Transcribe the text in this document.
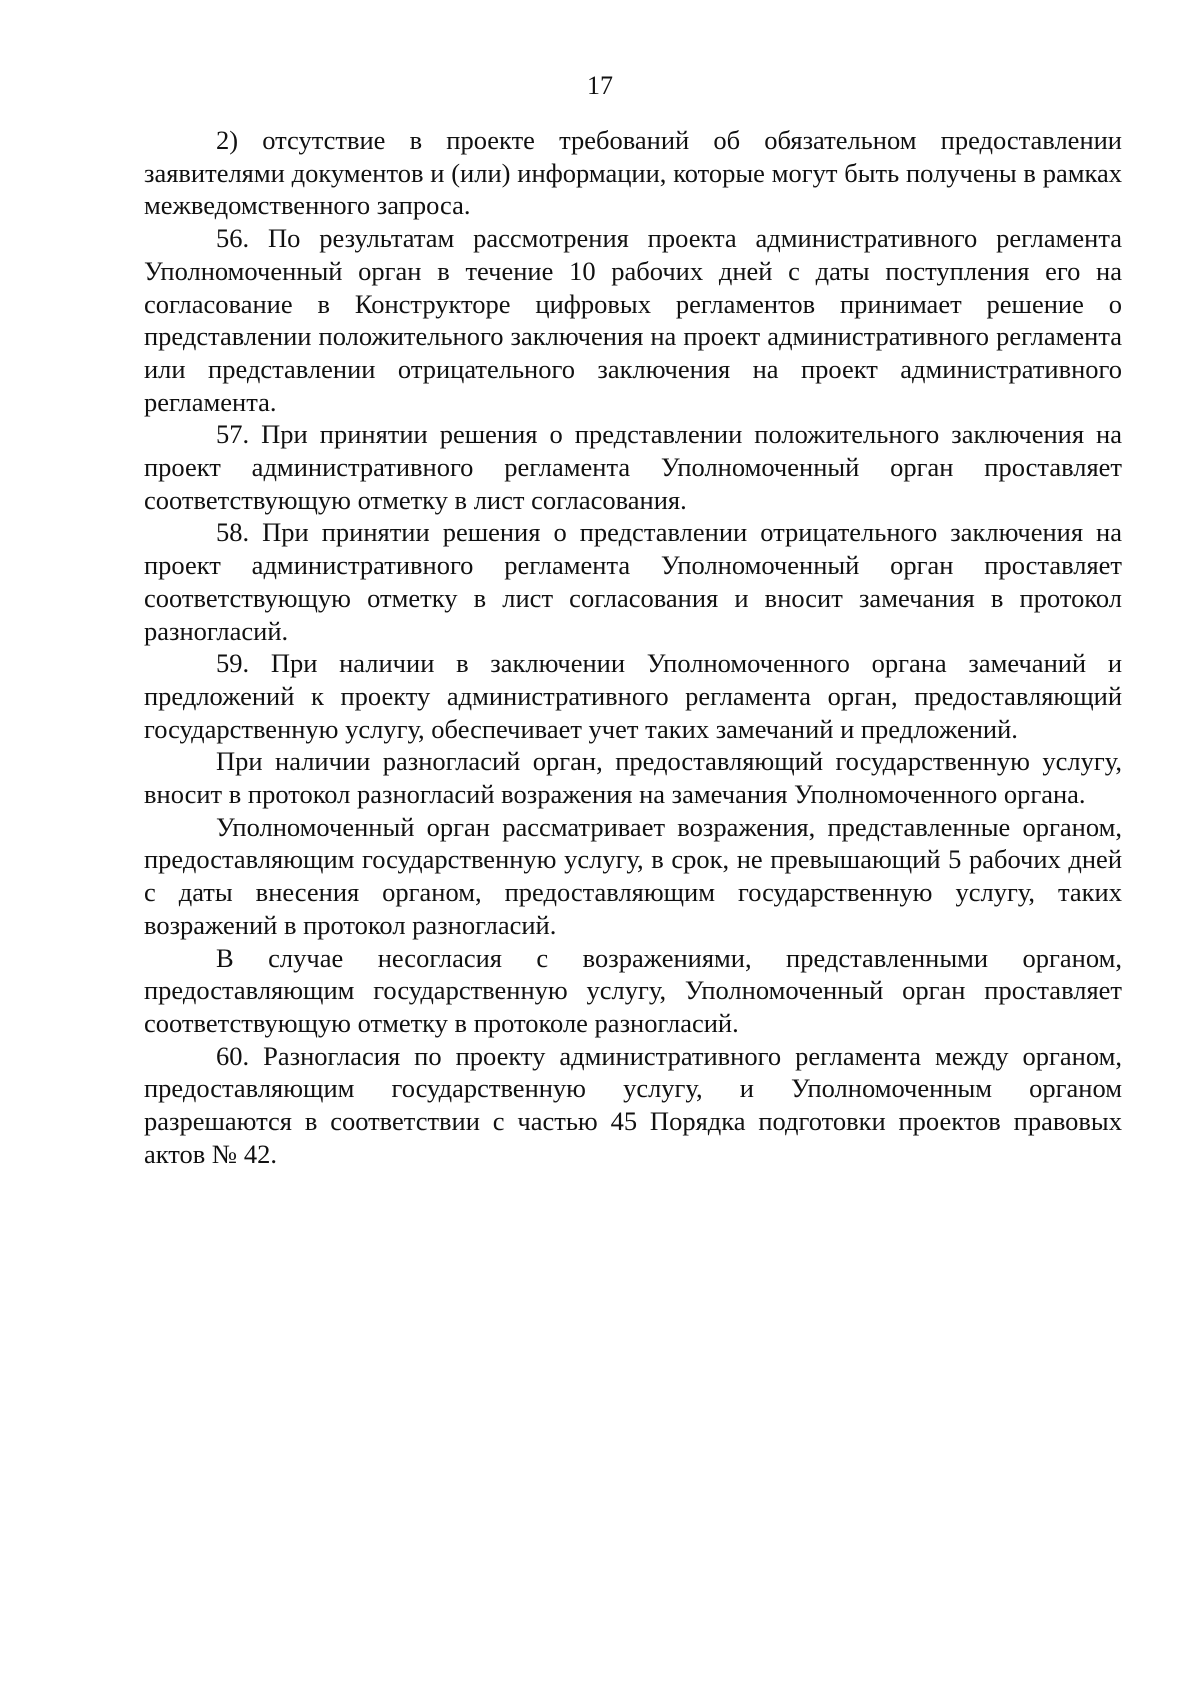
17

2) отсутствие в проекте требований об обязательном предоставлении заявителями документов и (или) информации, которые могут быть получены в рамках межведомственного запроса.

56. По результатам рассмотрения проекта административного регламента Уполномоченный орган в течение 10 рабочих дней с даты поступления его на согласование в Конструкторе цифровых регламентов принимает решение о представлении положительного заключения на проект административного регламента или представлении отрицательного заключения на проект административного регламента.

57. При принятии решения о представлении положительного заключения на проект административного регламента Уполномоченный орган проставляет соответствующую отметку в лист согласования.

58. При принятии решения о представлении отрицательного заключения на проект административного регламента Уполномоченный орган проставляет соответствующую отметку в лист согласования и вносит замечания в протокол разногласий.

59. При наличии в заключении Уполномоченного органа замечаний и предложений к проекту административного регламента орган, предоставляющий государственную услугу, обеспечивает учет таких замечаний и предложений.

При наличии разногласий орган, предоставляющий государственную услугу, вносит в протокол разногласий возражения на замечания Уполномоченного органа.

Уполномоченный орган рассматривает возражения, представленные органом, предоставляющим государственную услугу, в срок, не превышающий 5 рабочих дней с даты внесения органом, предоставляющим государственную услугу, таких возражений в протокол разногласий.

В случае несогласия с возражениями, представленными органом, предоставляющим государственную услугу, Уполномоченный орган проставляет соответствующую отметку в протоколе разногласий.

60. Разногласия по проекту административного регламента между органом, предоставляющим государственную услугу, и Уполномоченным органом разрешаются в соответствии с частью 45 Порядка подготовки проектов правовых актов № 42.
